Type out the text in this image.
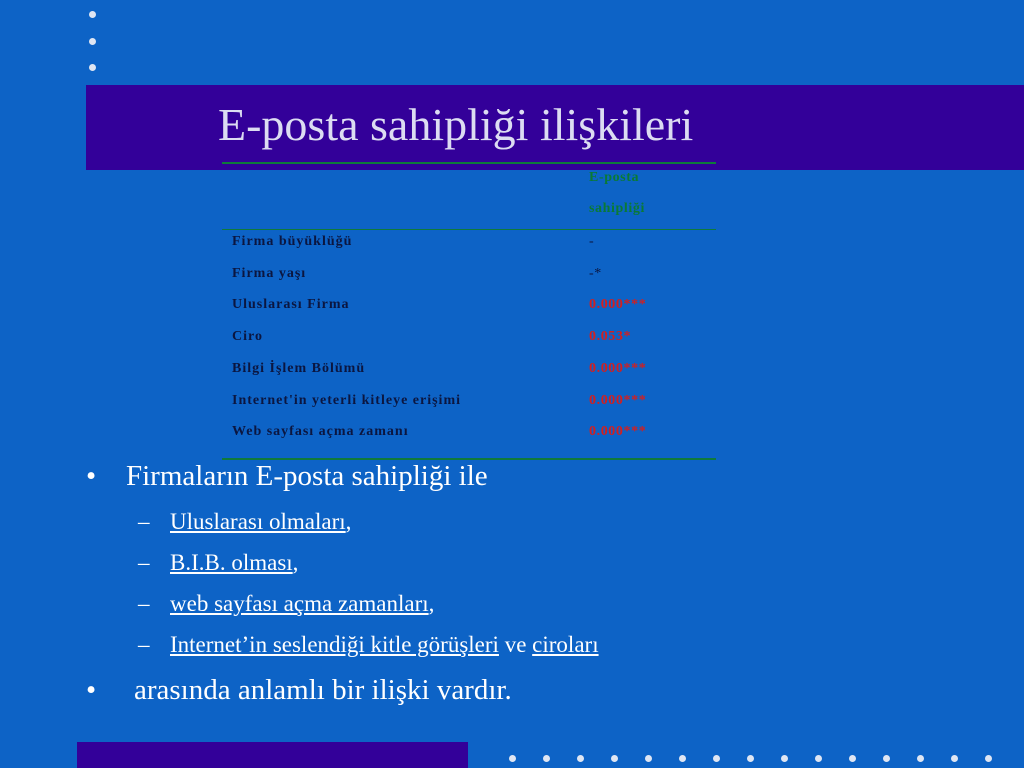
E-posta sahipliği ilişkileri
E-posta
sahipliği
Firma büyüklüğü	-
Firma yaşı	-*
Uluslarası Firma	0.000***
Ciro	0.053*
Bilgi İşlem Bölümü	0.000***
Internet'in yeterli kitleye erişimi	0.000***
Web sayfası açma zamanı	0.000***
• Firmaların E-posta sahipliği ile
– Uluslarası olmaları,
– B.I.B. olması,
– web sayfası açma zamanları,
– Internet’in seslendiği kitle görüşleri ve ciroları
• arasında anlamlı bir ilişki vardır.
